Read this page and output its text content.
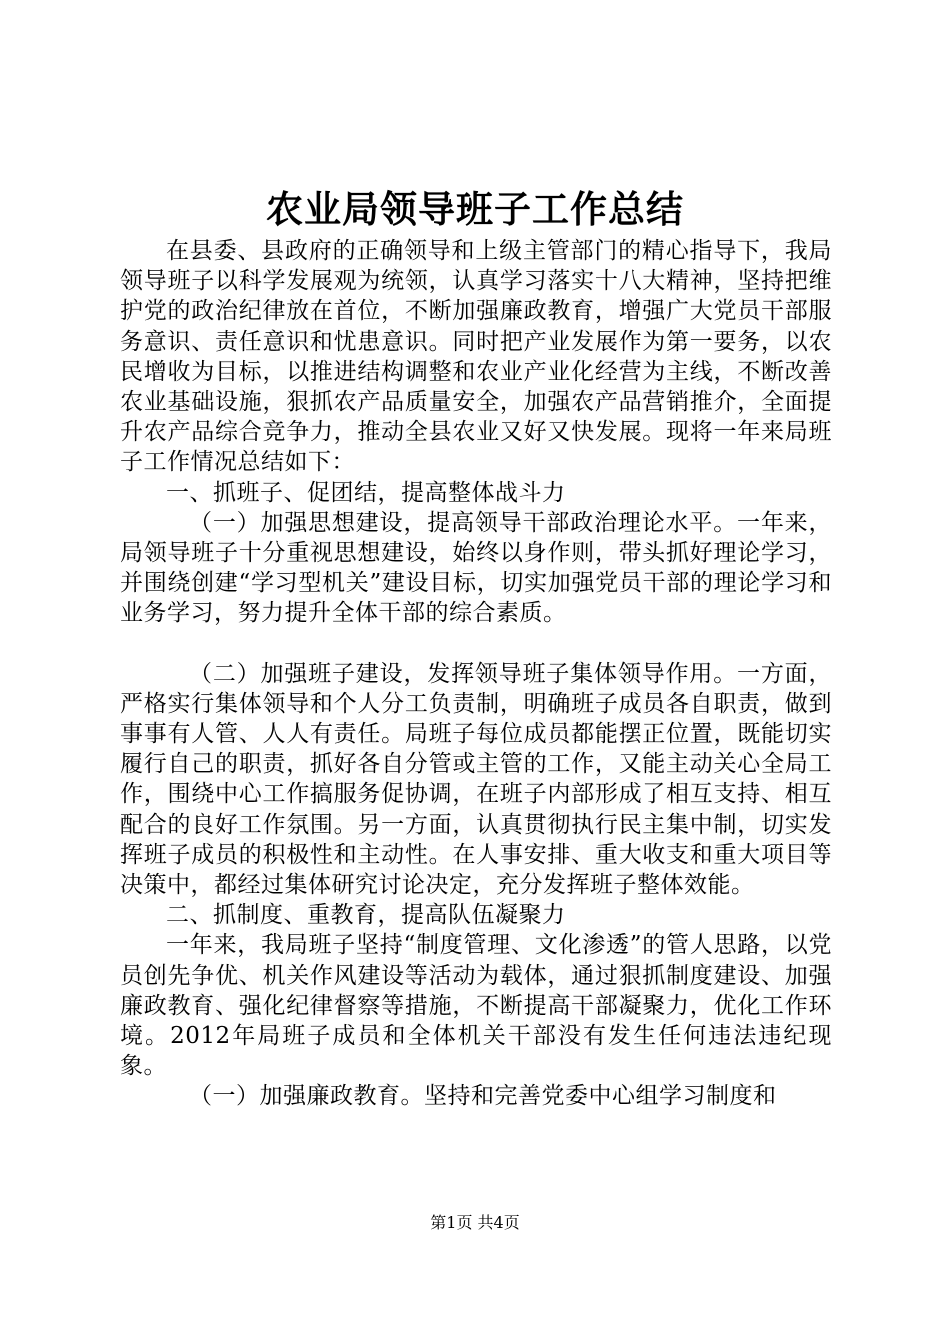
农业局领导班子工作总结

在县委、县政府的正确领导和上级主管部门的精心指导下，我局领导班子以科学发展观为统领，认真学习落实十八大精神，坚持把维护党的政治纪律放在首位，不断加强廉政教育，增强广大党员干部服务意识、责任意识和忧患意识。同时把产业发展作为第一要务，以农民增收为目标，以推进结构调整和农业产业化经营为主线，不断改善农业基础设施，狠抓农产品质量安全，加强农产品营销推介，全面提升农产品综合竞争力，推动全县农业又好又快发展。现将一年来局班子工作情况总结如下：

一、抓班子、促团结，提高整体战斗力

（一）加强思想建设，提高领导干部政治理论水平。一年来，局领导班子十分重视思想建设，始终以身作则，带头抓好理论学习，并围绕创建“学习型机关”建设目标，切实加强党员干部的理论学习和业务学习，努力提升全体干部的综合素质。

（二）加强班子建设，发挥领导班子集体领导作用。一方面，严格实行集体领导和个人分工负责制，明确班子成员各自职责，做到事事有人管、人人有责任。局班子每位成员都能摆正位置，既能切实履行自己的职责，抓好各自分管或主管的工作，又能主动关心全局工作，围绕中心工作搞服务促协调，在班子内部形成了相互支持、相互配合的良好工作氛围。另一方面，认真贯彻执行民主集中制，切实发挥班子成员的积极性和主动性。在人事安排、重大收支和重大项目等决策中，都经过集体研究讨论决定，充分发挥班子整体效能。

二、抓制度、重教育，提高队伍凝聚力

一年来，我局班子坚持“制度管理、文化渗透”的管人思路，以党员创先争优、机关作风建设等活动为载体，通过狠抓制度建设、加强廉政教育、强化纪律督察等措施，不断提高干部凝聚力，优化工作环境。2012年局班子成员和全体机关干部没有发生任何违法违纪现象。

（一）加强廉政教育。坚持和完善党委中心组学习制度和

第1页 共4页
